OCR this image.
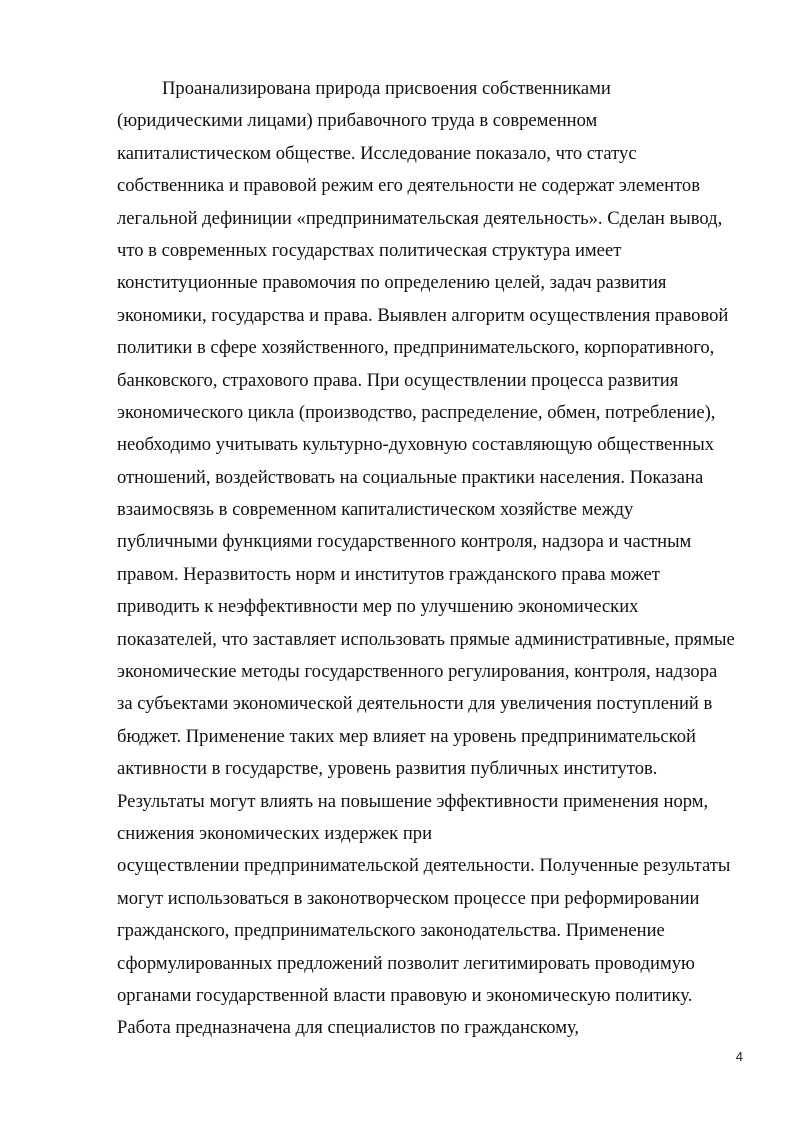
Проанализирована природа присвоения собственниками
(юридическими лицами) прибавочного труда в современном
капиталистическом обществе. Исследование показало, что статус
собственника и правовой режим его деятельности не содержат элементов
легальной дефиниции «предпринимательская деятельность». Сделан вывод,
что в современных государствах политическая структура имеет
конституционные правомочия по определению целей, задач развития
экономики, государства и права. Выявлен алгоритм осуществления правовой
политики в сфере хозяйственного, предпринимательского, корпоративного,
банковского, страхового права. При осуществлении процесса развития
экономического цикла (производство, распределение, обмен, потребление),
необходимо учитывать культурно-духовную составляющую общественных
отношений, воздействовать на социальные практики населения. Показана
взаимосвязь в современном капиталистическом хозяйстве между
публичными функциями государственного контроля, надзора и частным
правом. Неразвитость норм и институтов гражданского права может
приводить к неэффективности мер по улучшению экономических
показателей, что заставляет использовать прямые административные, прямые
экономические методы государственного регулирования, контроля, надзора
за субъектами экономической деятельности для увеличения поступлений в
бюджет. Применение таких мер влияет на уровень предпринимательской
активности в государстве, уровень развития публичных институтов.
Результаты могут влиять на повышение эффективности применения норм,
снижения экономических издержек при
осуществлении предпринимательской деятельности. Полученные результаты
могут использоваться в законотворческом процессе при реформировании
гражданского, предпринимательского законодательства. Применение
сформулированных предложений позволит легитимировать проводимую
органами государственной власти правовую и экономическую политику.
Работа предназначена для специалистов по гражданскому,
4
